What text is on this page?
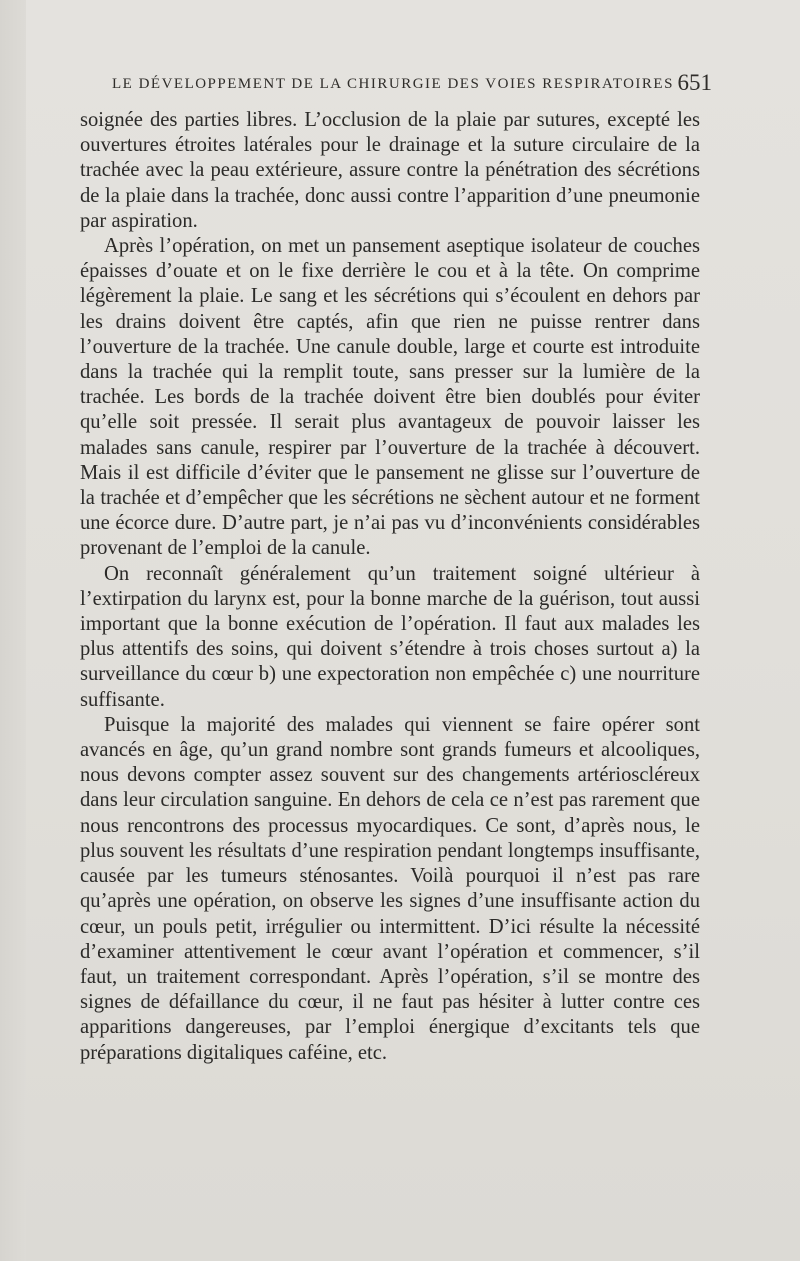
LE DÉVELOPPEMENT DE LA CHIRURGIE DES VOIES RESPIRATOIRES 651

soignée des parties libres. L’occlusion de la plaie par sutures, excepté les ouvertures étroites latérales pour le drainage et la suture circulaire de la trachée avec la peau extérieure, assure contre la pénétration des sécrétions de la plaie dans la trachée, donc aussi contre l’apparition d’une pneumonie par aspiration.

Après l’opération, on met un pansement aseptique isolateur de couches épaisses d’ouate et on le fixe derrière le cou et à la tête. On comprime légèrement la plaie. Le sang et les sécrétions qui s’écoulent en dehors par les drains doivent être captés, afin que rien ne puisse rentrer dans l’ouverture de la trachée. Une canule double, large et courte est introduite dans la trachée qui la remplit toute, sans presser sur la lumière de la trachée. Les bords de la trachée doivent être bien doublés pour éviter qu’elle soit pressée. Il serait plus avantageux de pouvoir laisser les malades sans canule, respirer par l’ouverture de la trachée à découvert. Mais il est difficile d’éviter que le pansement ne glisse sur l’ouverture de la trachée et d’empêcher que les sécrétions ne sèchent autour et ne forment une écorce dure. D’autre part, je n’ai pas vu d’inconvénients considérables provenant de l’emploi de la canule.

On reconnaît généralement qu’un traitement soigné ultérieur à l’extirpation du larynx est, pour la bonne marche de la guérison, tout aussi important que la bonne exécution de l’opération. Il faut aux malades les plus attentifs des soins, qui doivent s’étendre à trois choses surtout a) la surveillance du cœur b) une expectoration non empêchée c) une nourriture suffisante.

Puisque la majorité des malades qui viennent se faire opérer sont avancés en âge, qu’un grand nombre sont grands fumeurs et alcooliques, nous devons compter assez souvent sur des changements artérioscléreux dans leur circulation sanguine. En dehors de cela ce n’est pas rarement que nous rencontrons des processus myocardiques. Ce sont, d’après nous, le plus souvent les résultats d’une respiration pendant longtemps insuffisante, causée par les tumeurs sténosantes. Voilà pourquoi il n’est pas rare qu’après une opération, on observe les signes d’une insuffisante action du cœur, un pouls petit, irrégulier ou intermittent. D’ici résulte la nécessité d’examiner attentivement le cœur avant l’opération et commencer, s’il faut, un traitement correspondant. Après l’opération, s’il se montre des signes de défaillance du cœur, il ne faut pas hésiter à lutter contre ces apparitions dangereuses, par l’emploi énergique d’excitants tels que préparations digitaliques caféine, etc.
